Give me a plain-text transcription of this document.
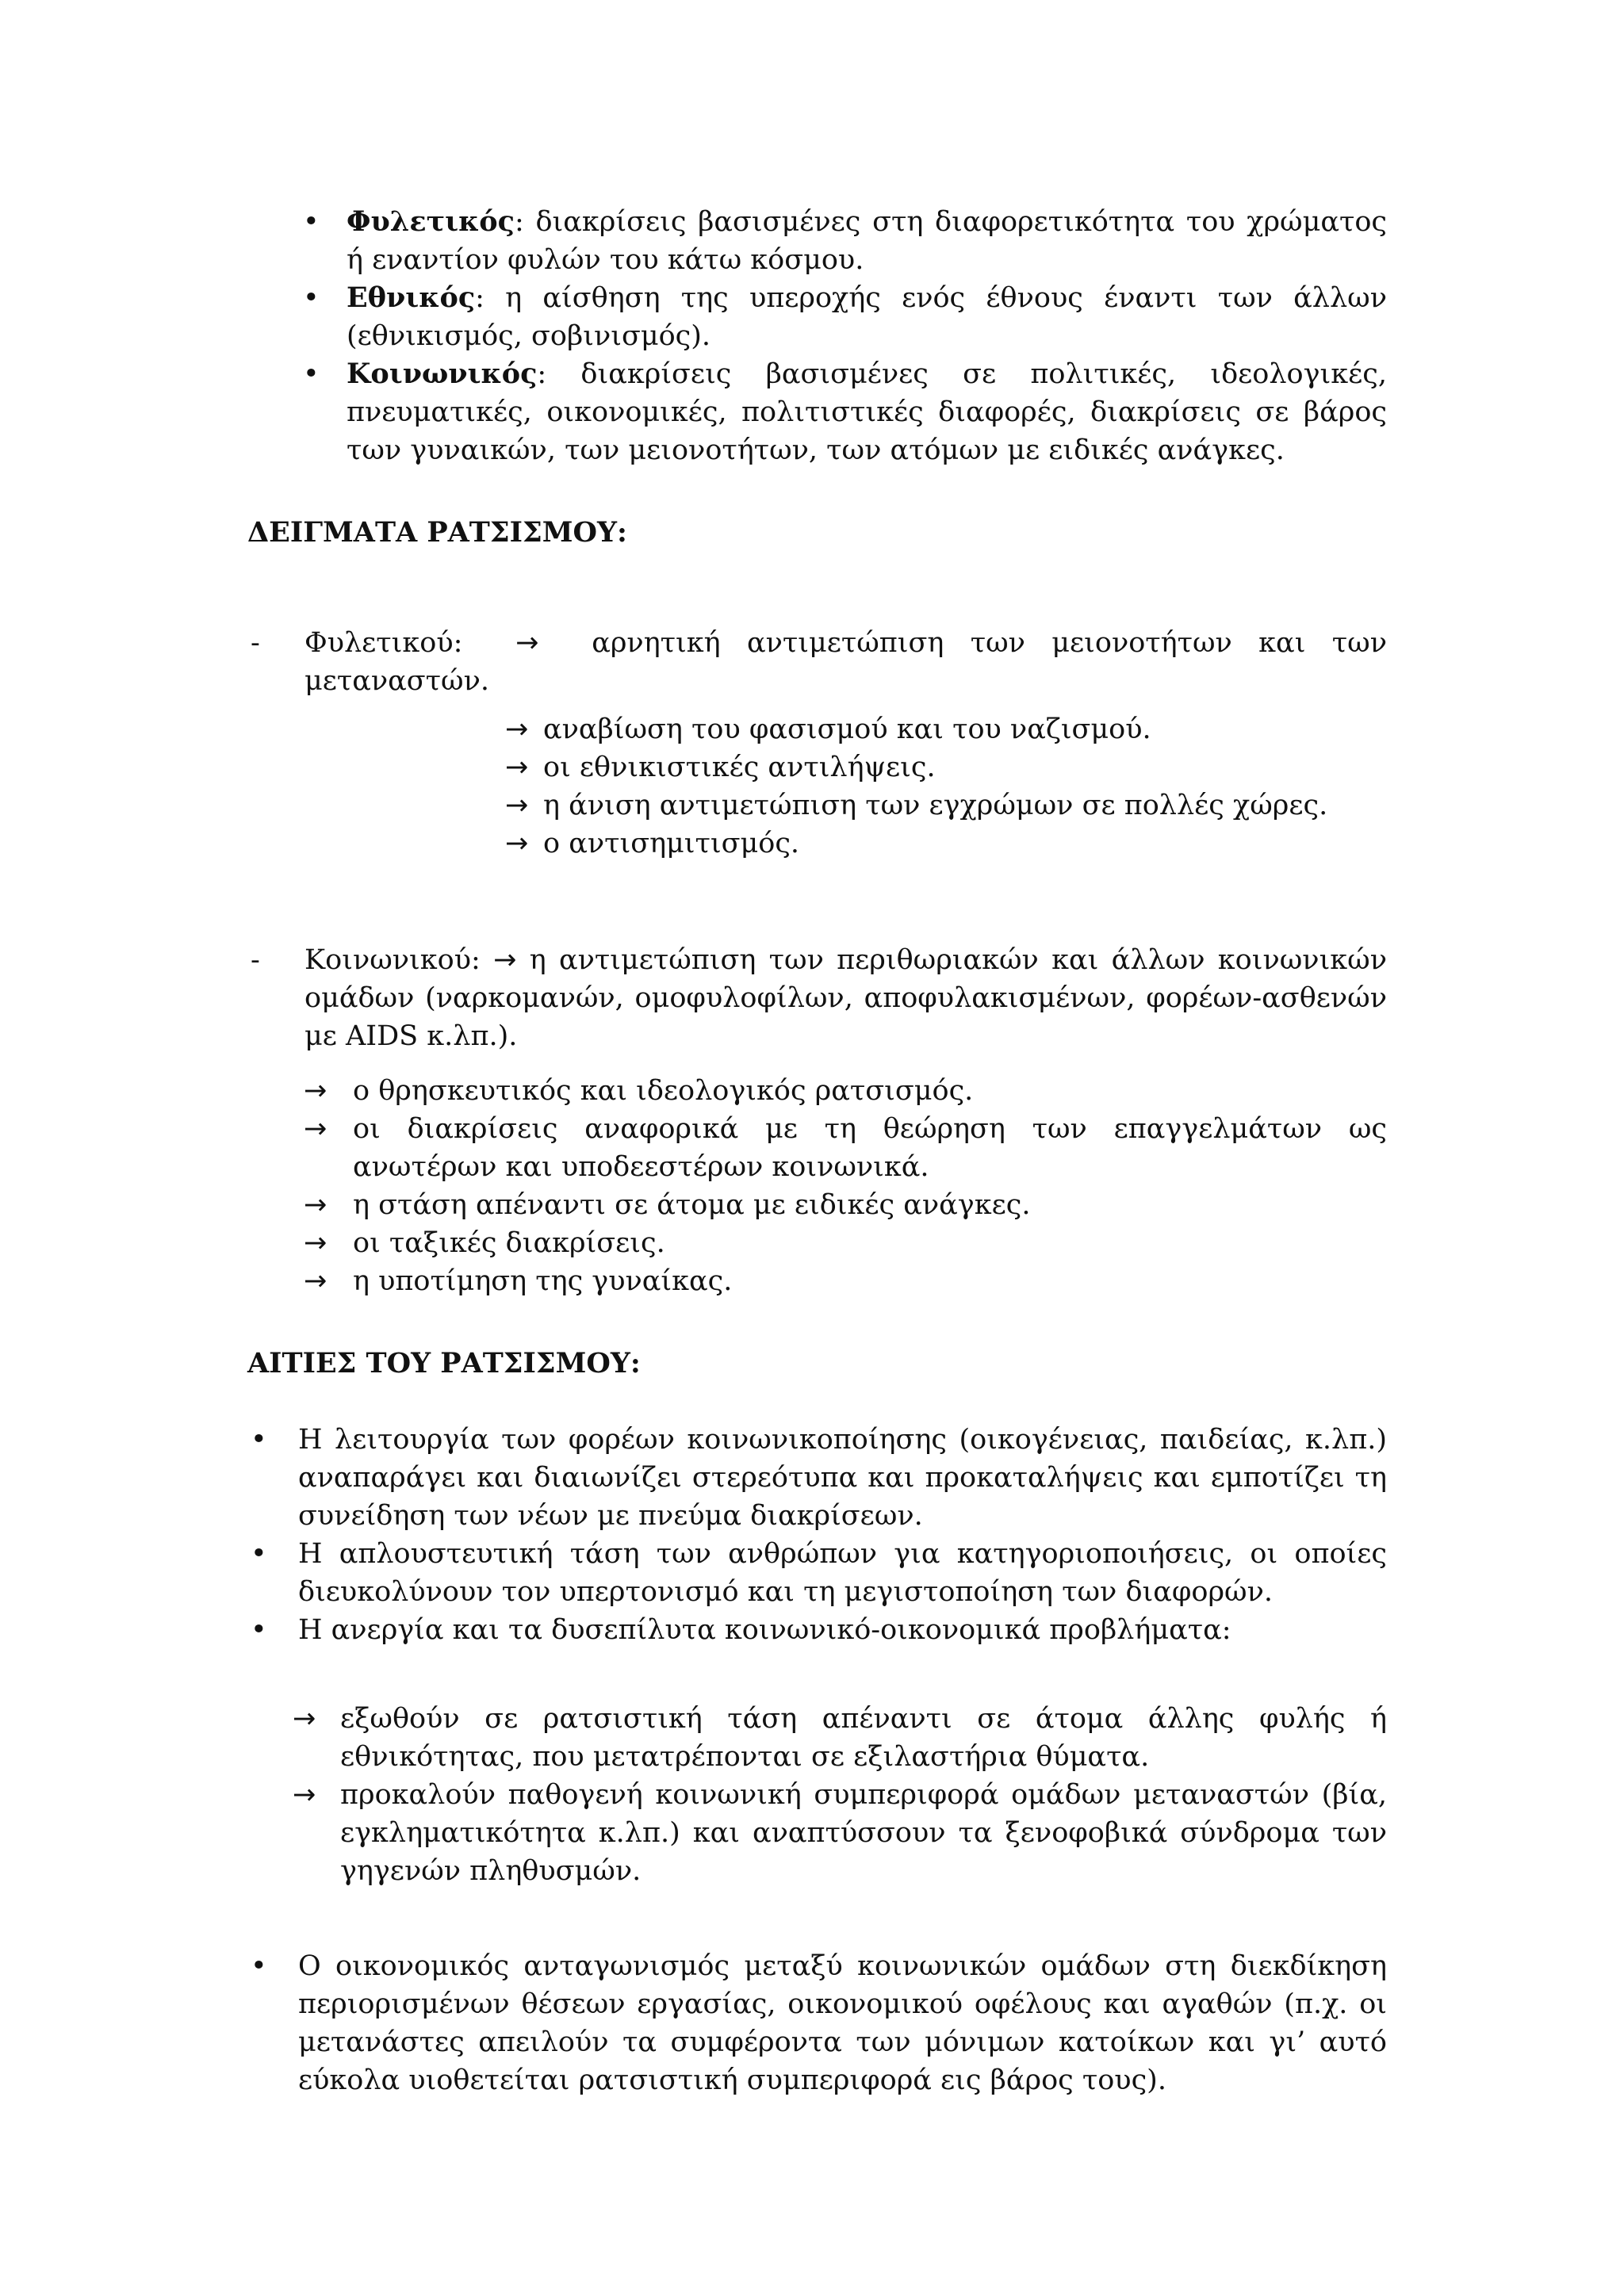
• Φυλετικός: διακρίσεις βασισμένες στη διαφορετικότητα του χρώματος ή εναντίον φυλών του κάτω κόσμου.

• Εθνικός: η αίσθηση της υπεροχής ενός έθνους έναντι των άλλων (εθνικισμός, σοβινισμός).

• Κοινωνικός: διακρίσεις βασισμένες σε πολιτικές, ιδεολογικές, πνευματικές, οικονομικές, πολιτιστικές διαφορές, διακρίσεις σε βάρος των γυναικών, των μειονοτήτων, των ατόμων με ειδικές ανάγκες.

ΔΕΙΓΜΑΤΑ ΡΑΤΣΙΣΜΟΥ:

- Φυλετικού: → αρνητική αντιμετώπιση των μειονοτήτων και των μεταναστών.

→ αναβίωση του φασισμού και του ναζισμού.
→ οι εθνικιστικές αντιλήψεις.
→ η άνιση αντιμετώπιση των εγχρώμων σε πολλές χώρες.
→ ο αντισημιτισμός.

- Κοινωνικού: → η αντιμετώπιση των περιθωριακών και άλλων κοινωνικών ομάδων (ναρκομανών, ομοφυλοφίλων, αποφυλακισμένων, φορέων-ασθενών με AIDS κ.λπ.).

→ ο θρησκευτικός και ιδεολογικός ρατσισμός.
→ οι διακρίσεις αναφορικά με τη θεώρηση των επαγγελμάτων ως ανωτέρων και υποδεεστέρων κοινωνικά.
→ η στάση απέναντι σε άτομα με ειδικές ανάγκες.
→ οι ταξικές διακρίσεις.
→ η υποτίμηση της γυναίκας.

ΑΙΤΙΕΣ ΤΟΥ ΡΑΤΣΙΣΜΟΥ:

• Η λειτουργία των φορέων κοινωνικοποίησης (οικογένειας, παιδείας, κ.λπ.) αναπαράγει και διαιωνίζει στερεότυπα και προκαταλήψεις και εμποτίζει τη συνείδηση των νέων με πνεύμα διακρίσεων.
• Η απλουστευτική τάση των ανθρώπων για κατηγοριοποιήσεις, οι οποίες διευκολύνουν τον υπερτονισμό και τη μεγιστοποίηση των διαφορών.
• Η ανεργία και τα δυσεπίλυτα κοινωνικό-οικονομικά προβλήματα:
→ εξωθούν σε ρατσιστική τάση απέναντι σε άτομα άλλης φυλής ή εθνικότητας, που μετατρέπονται σε εξιλαστήρια θύματα.
→ προκαλούν παθογενή κοινωνική συμπεριφορά ομάδων μεταναστών (βία, εγκληματικότητα κ.λπ.) και αναπτύσσουν τα ξενοφοβικά σύνδρομα των γηγενών πληθυσμών.
• Ο οικονομικός ανταγωνισμός μεταξύ κοινωνικών ομάδων στη διεκδίκηση περιορισμένων θέσεων εργασίας, οικονομικού οφέλους και αγαθών (π.χ. οι μετανάστες απειλούν τα συμφέροντα των μόνιμων κατοίκων και γι’ αυτό εύκολα υιοθετείται ρατσιστική συμπεριφορά εις βάρος τους).
